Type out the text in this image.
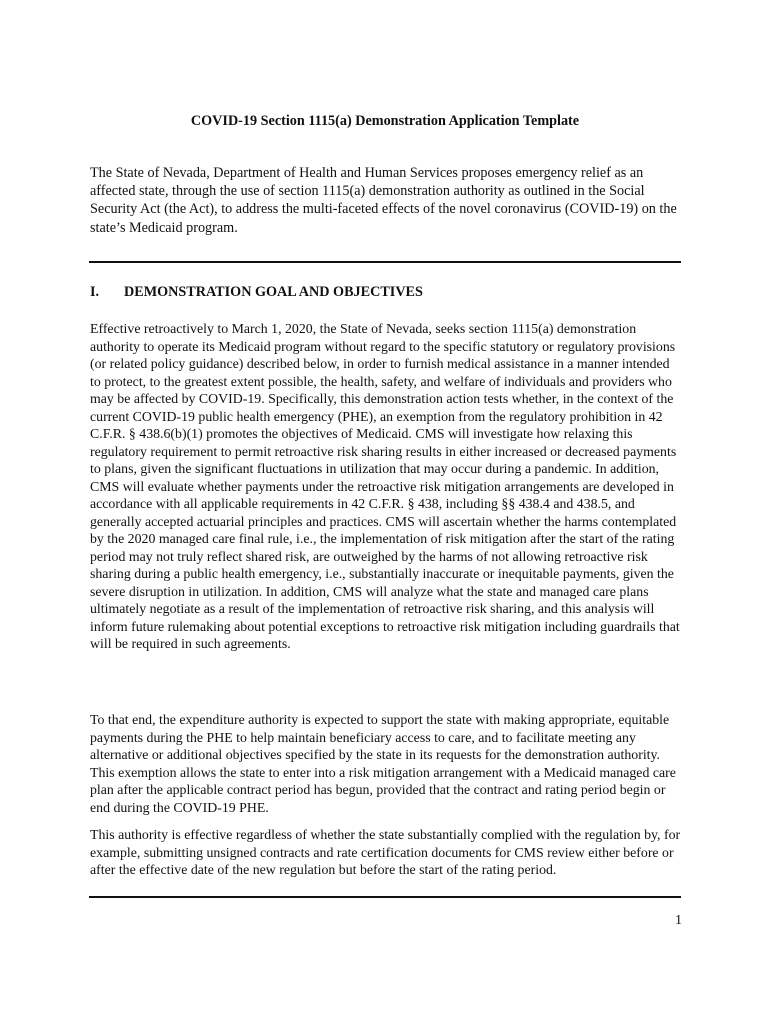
COVID-19 Section 1115(a) Demonstration Application Template

The State of Nevada, Department of Health and Human Services proposes emergency relief as an affected state, through the use of section 1115(a) demonstration authority as outlined in the Social Security Act (the Act), to address the multi-faceted effects of the novel coronavirus (COVID-19) on the state’s Medicaid program.

I. DEMONSTRATION GOAL AND OBJECTIVES

Effective retroactively to March 1, 2020, the State of Nevada, seeks section 1115(a) demonstration authority to operate its Medicaid program without regard to the specific statutory or regulatory provisions (or related policy guidance) described below, in order to furnish medical assistance in a manner intended to protect, to the greatest extent possible, the health, safety, and welfare of individuals and providers who may be affected by COVID-19. Specifically, this demonstration action tests whether, in the context of the current COVID-19 public health emergency (PHE), an exemption from the regulatory prohibition in 42 C.F.R. § 438.6(b)(1) promotes the objectives of Medicaid. CMS will investigate how relaxing this regulatory requirement to permit retroactive risk sharing results in either increased or decreased payments to plans, given the significant fluctuations in utilization that may occur during a pandemic. In addition, CMS will evaluate whether payments under the retroactive risk mitigation arrangements are developed in accordance with all applicable requirements in 42 C.F.R. § 438, including §§ 438.4 and 438.5, and generally accepted actuarial principles and practices. CMS will ascertain whether the harms contemplated by the 2020 managed care final rule, i.e., the implementation of risk mitigation after the start of the rating period may not truly reflect shared risk, are outweighed by the harms of not allowing retroactive risk sharing during a public health emergency, i.e., substantially inaccurate or inequitable payments, given the severe disruption in utilization. In addition, CMS will analyze what the state and managed care plans ultimately negotiate as a result of the implementation of retroactive risk sharing, and this analysis will inform future rulemaking about potential exceptions to retroactive risk mitigation including guardrails that will be required in such agreements.

To that end, the expenditure authority is expected to support the state with making appropriate, equitable payments during the PHE to help maintain beneficiary access to care, and to facilitate meeting any alternative or additional objectives specified by the state in its requests for the demonstration authority. This exemption allows the state to enter into a risk mitigation arrangement with a Medicaid managed care plan after the applicable contract period has begun, provided that the contract and rating period begin or end during the COVID-19 PHE.

This authority is effective regardless of whether the state substantially complied with the regulation by, for example, submitting unsigned contracts and rate certification documents for CMS review either before or after the effective date of the new regulation but before the start of the rating period.

1
